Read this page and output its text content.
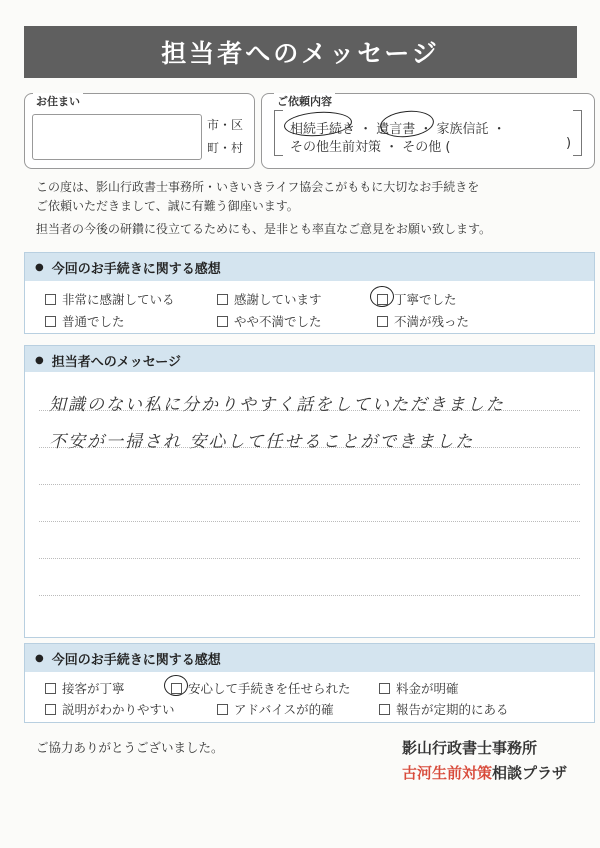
担当者へのメッセージ
お住まい
市・区
町・村
ご依頼内容
相続手続き ・ 遺言書 ・ 家族信託 ・
その他生前対策 ・ その他 (	)
この度は、影山行政書士事務所・いきいきライフ協会こがももに大切なお手続きを
ご依頼いただきまして、誠に有難う御座います。
担当者の今後の研鑽に役立てるためにも、是非とも率直なご意見をお願い致します。
● 今回のお手続きに関する感想
非常に感謝している	感謝しています	丁寧でした
普通でした	やや不満でした	不満が残った
● 担当者へのメッセージ
知識のない私に分かりやすく話をしていただきました
不安が一掃され 安心して任せることができました
● 今回のお手続きに関する感想
接客が丁寧	安心して手続きを任せられた	料金が明確
説明がわかりやすい	アドバイスが的確	報告が定期的にある
ご協力ありがとうございました。	影山行政書士事務所
古河生前対策相談プラザ
